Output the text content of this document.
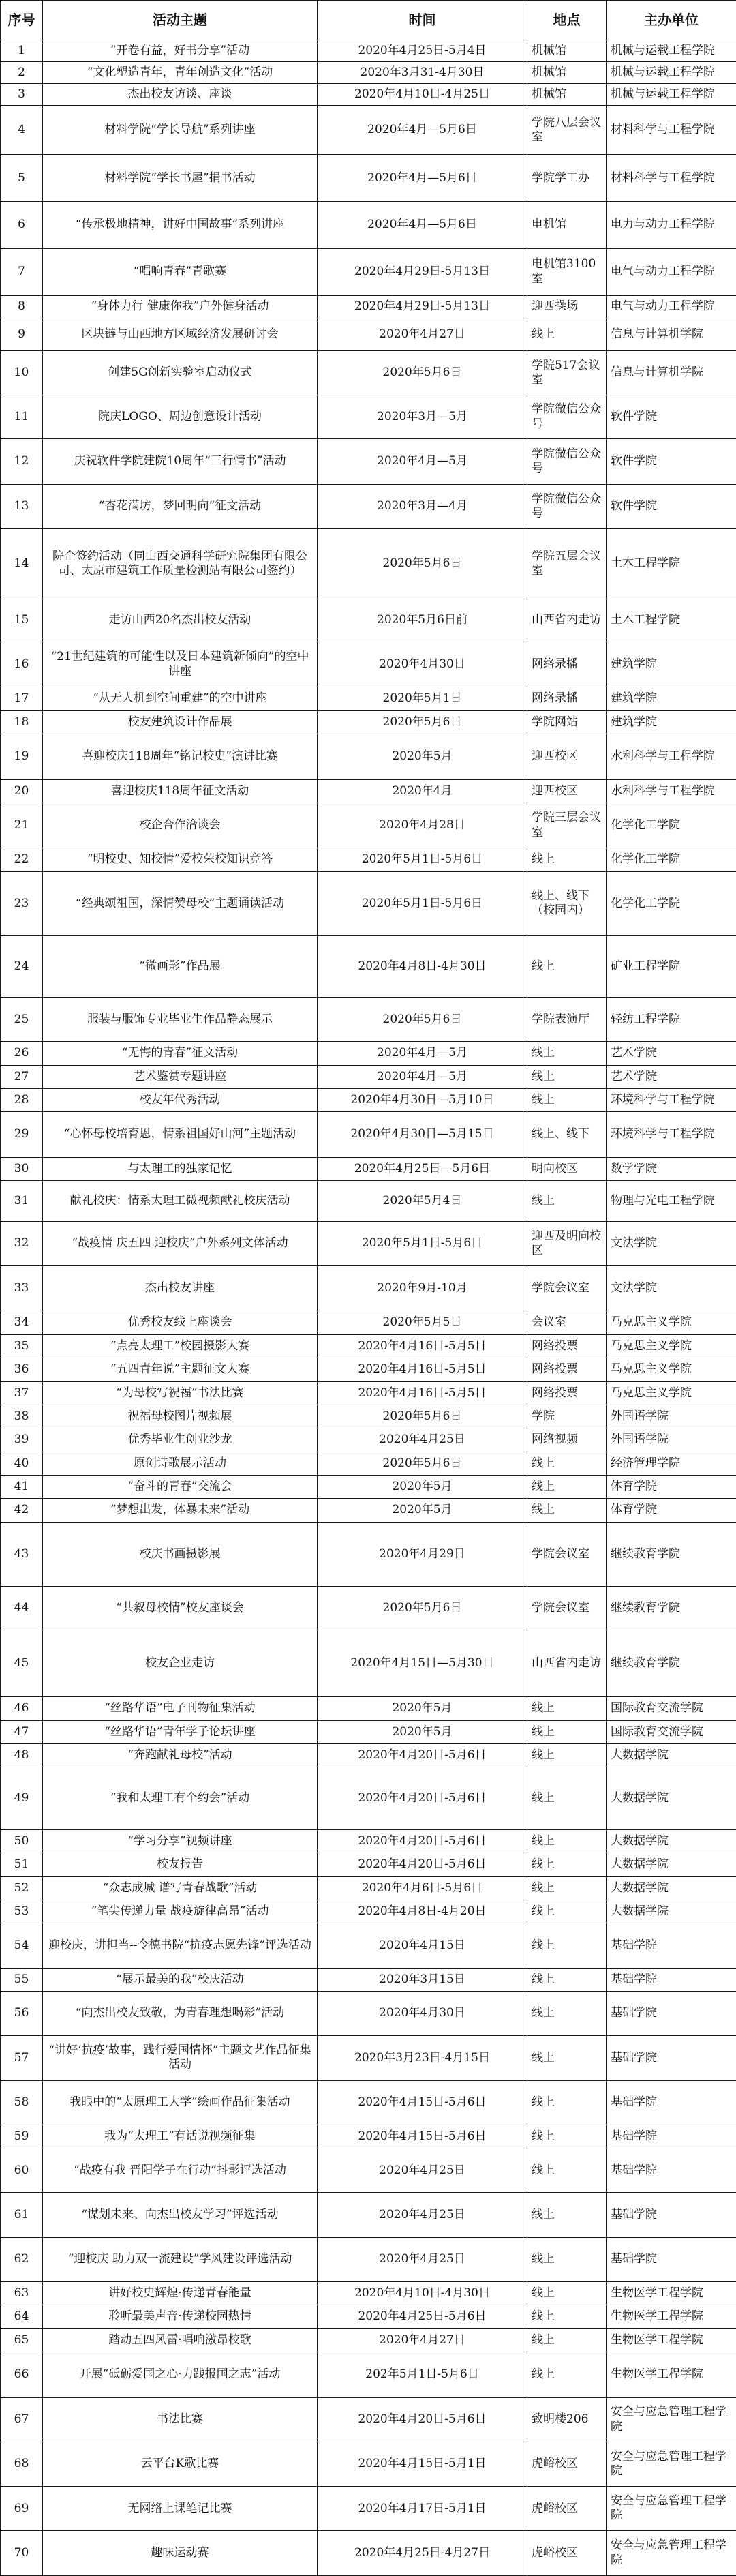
序号	活动主题	时间	地点	主办单位
1	“开卷有益，好书分享”活动	2020年4月25日-5月4日	机械馆	机械与运载工程学院
2	“文化塑造青年，青年创造文化”活动	2020年3月31-4月30日	机械馆	机械与运载工程学院
3	杰出校友访谈、座谈	2020年4月10日-4月25日	机械馆	机械与运载工程学院
4	材料学院“学长导航”系列讲座	2020年4月—5月6日	学院八层会议室	材料科学与工程学院
5	材料学院“学长书屋”捐书活动	2020年4月—5月6日	学院学工办	材料科学与工程学院
6	“传承极地精神，讲好中国故事”系列讲座	2020年4月—5月6日	电机馆	电力与动力工程学院
7	“唱响青春”青歌赛	2020年4月29日-5月13日	电机馆3100室	电气与动力工程学院
8	“身体力行 健康你我”户外健身活动	2020年4月29日-5月13日	迎西操场	电气与动力工程学院
9	区块链与山西地方区域经济发展研讨会	2020年4月27日	线上	信息与计算机学院
10	创建5G创新实验室启动仪式	2020年5月6日	学院517会议室	信息与计算机学院
11	院庆LOGO、周边创意设计活动	2020年3月—5月	学院微信公众号	软件学院
12	庆祝软件学院建院10周年“三行情书”活动	2020年4月—5月	学院微信公众号	软件学院
13	“杏花满坊，梦回明向”征文活动	2020年3月—4月	学院微信公众号	软件学院
14	院企签约活动（同山西交通科学研究院集团有限公司、太原市建筑工作质量检测站有限公司签约）	2020年5月6日	学院五层会议室	土木工程学院
15	走访山西20名杰出校友活动	2020年5月6日前	山西省内走访	土木工程学院
16	“21世纪建筑的可能性以及日本建筑新倾向”的空中讲座	2020年4月30日	网络录播	建筑学院
17	“从无人机到空间重建”的空中讲座	2020年5月1日	网络录播	建筑学院
18	校友建筑设计作品展	2020年5月6日	学院网站	建筑学院
19	喜迎校庆118周年“铭记校史”演讲比赛	2020年5月	迎西校区	水利科学与工程学院
20	喜迎校庆118周年征文活动	2020年4月	迎西校区	水利科学与工程学院
21	校企合作洽谈会	2020年4月28日	学院三层会议室	化学化工学院
22	“明校史、知校情”爱校荣校知识竞答	2020年5月1日-5月6日	线上	化学化工学院
23	“经典颂祖国，深情赞母校”主题诵读活动	2020年5月1日-5月6日	线上、线下（校园内）	化学化工学院
24	“微画影”作品展	2020年4月8日-4月30日	线上	矿业工程学院
25	服装与服饰专业毕业生作品静态展示	2020年5月6日	学院表演厅	轻纺工程学院
26	“无悔的青春”征文活动	2020年4月—5月	线上	艺术学院
27	艺术鉴赏专题讲座	2020年4月—5月	线上	艺术学院
28	校友年代秀活动	2020年4月30日—5月10日	线上	环境科学与工程学院
29	“心怀母校培育恩，情系祖国好山河”主题活动	2020年4月30日—5月15日	线上、线下	环境科学与工程学院
30	与太理工的独家记忆	2020年4月25日—5月6日	明向校区	数学学院
31	献礼校庆：情系太理工微视频献礼校庆活动	2020年5月4日	线上	物理与光电工程学院
32	“战疫情 庆五四 迎校庆”户外系列文体活动	2020年5月1日-5月6日	迎西及明向校区	文法学院
33	杰出校友讲座	2020年9月-10月	学院会议室	文法学院
34	优秀校友线上座谈会	2020年5月5日	会议室	马克思主义学院
35	“点亮太理工”校园摄影大赛	2020年4月16日-5月5日	网络投票	马克思主义学院
36	“五四青年说”主题征文大赛	2020年4月16日-5月5日	网络投票	马克思主义学院
37	“为母校写祝福”书法比赛	2020年4月16日-5月5日	网络投票	马克思主义学院
38	祝福母校图片视频展	2020年5月6日	学院	外国语学院
39	优秀毕业生创业沙龙	2020年4月25日	网络视频	外国语学院
40	原创诗歌展示活动	2020年5月6日	线上	经济管理学院
41	“奋斗的青春”交流会	2020年5月	线上	体育学院
42	“梦想出发，体暴未来”活动	2020年5月	线上	体育学院
43	校庆书画摄影展	2020年4月29日	学院会议室	继续教育学院
44	“共叙母校情”校友座谈会	2020年5月6日	学院会议室	继续教育学院
45	校友企业走访	2020年4月15日—5月30日	山西省内走访	继续教育学院
46	“丝路华语”电子刊物征集活动	2020年5月	线上	国际教育交流学院
47	“丝路华语”青年学子论坛讲座	2020年5月	线上	国际教育交流学院
48	“奔跑献礼母校”活动	2020年4月20日-5月6日	线上	大数据学院
49	“我和太理工有个约会”活动	2020年4月20日-5月6日	线上	大数据学院
50	“学习分享”视频讲座	2020年4月20日-5月6日	线上	大数据学院
51	校友报告	2020年4月20日-5月6日	线上	大数据学院
52	“众志成城 谱写青春战歌”活动	2020年4月6日-5月6日	线上	大数据学院
53	“笔尖传递力量 战疫旋律高昂”活动	2020年4月8日-4月20日	线上	大数据学院
54	迎校庆，讲担当--令德书院“抗疫志愿先锋”评选活动	2020年4月15日	线上	基础学院
55	“展示最美的我”校庆活动	2020年3月15日	线上	基础学院
56	“向杰出校友致敬，为青春理想喝彩”活动	2020年4月30日	线上	基础学院
57	“讲好‘抗疫’故事，践行爱国情怀”主题文艺作品征集活动	2020年3月23日-4月15日	线上	基础学院
58	我眼中的“太原理工大学”绘画作品征集活动	2020年4月15日-5月6日	线上	基础学院
59	我为“太理工”有话说视频征集	2020年4月15日-5月6日	线上	基础学院
60	“战疫有我 晋阳学子在行动”抖影评选活动	2020年4月25日	线上	基础学院
61	“谋划未来、向杰出校友学习”评选活动	2020年4月25日	线上	基础学院
62	“迎校庆 助力双一流建设”学风建设评选活动	2020年4月25日	线上	基础学院
63	讲好校史辉煌·传递青春能量	2020年4月10日-4月30日	线上	生物医学工程学院
64	聆听最美声音·传递校园热情	2020年4月25日-5月6日	线上	生物医学工程学院
65	踏动五四风雷·唱响激昂校歌	2020年4月27日	线上	生物医学工程学院
66	开展“砥砺爱国之心·力践报国之志”活动	202年5月1日-5月6日	线上	生物医学工程学院
67	书法比赛	2020年4月20日-5月6日	致明楼206	安全与应急管理工程学院
68	云平台K歌比赛	2020年4月15日-5月1日	虎峪校区	安全与应急管理工程学院
69	无网络上课笔记比赛	2020年4月17日-5月1日	虎峪校区	安全与应急管理工程学院
70	趣味运动赛	2020年4月25日-4月27日	虎峪校区	安全与应急管理工程学院
